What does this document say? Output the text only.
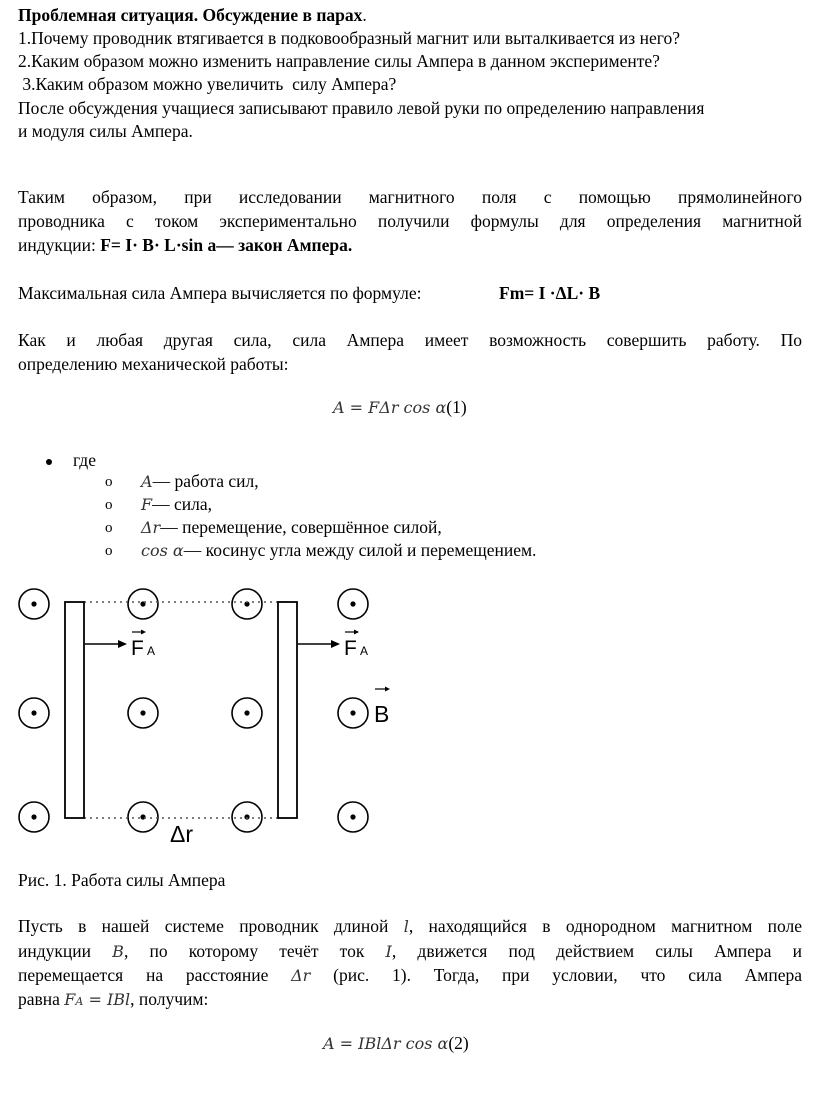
Проблемная ситуация. Обсуждение в парах.
1.Почему проводник втягивается в подковообразный магнит или выталкивается из него?
2.Каким образом можно изменить направление силы Ампера в данном эксперименте?
3.Каким образом можно увеличить  силу Ампера?
После обсуждения учащиеся записывают правило левой руки по определению направления
и модуля силы Ампера.
Таким образом, при исследовании магнитного поля с помощью прямолинейного
проводника с током экспериментально получили формулы для определения магнитной
индукции: F= I· B· L·sin a— закон Ампера.
Максимальная сила Ампера вычисляется по формуле:	Fm= I ·ΔL· B
Как и любая другая сила, сила Ампера имеет возможность совершить работу. По
определению механической работы:
A = FΔr cos α(1)
где
o A— работа сил,
o F— сила,
o Δr— перемещение, совершённое силой,
o cos α— косинус угла между силой и перемещением.
F A	F A
B
Δr
Рис. 1. Работа силы Ампера
Пусть в нашей системе проводник длиной l, находящийся в однородном магнитном поле
индукции B, по которому течёт ток I, движется под действием силы Ампера и
перемещается на расстояние Δr (рис. 1). Тогда, при условии, что сила Ампера
равна FA = IBl, получим:
A = IBlΔr cos α(2)
